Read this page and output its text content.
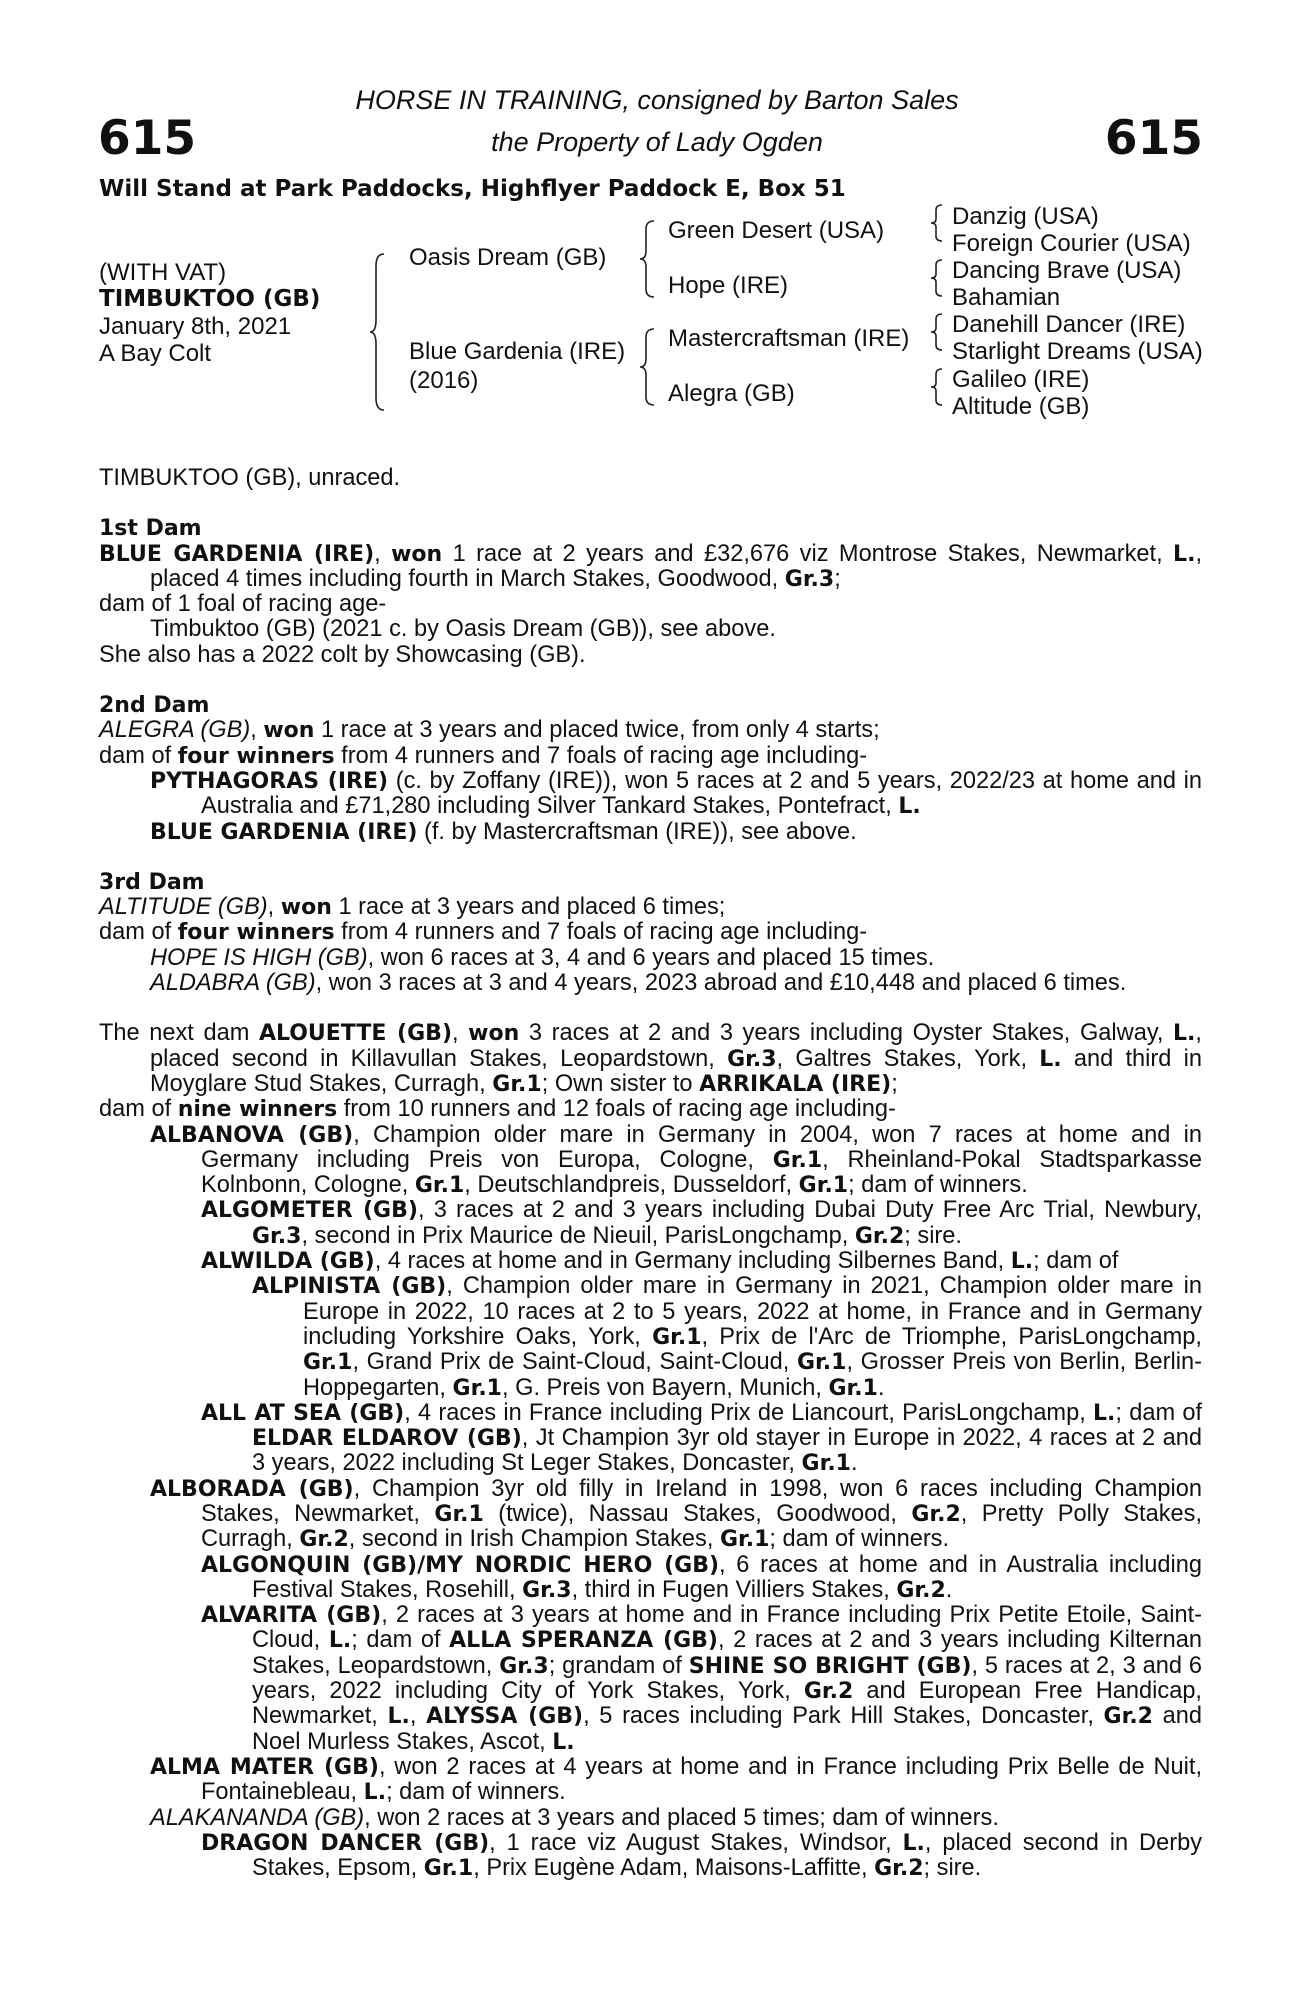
615	615
HORSE IN TRAINING, consigned by Barton Sales
the Property of Lady Ogden
Will Stand at Park Paddocks, Highflyer Paddock E, Box 51
(WITH VAT)
TIMBUKTOO (GB)
January 8th, 2021
A Bay Colt
Oasis Dream (GB)
Blue Gardenia (IRE)
(2016)
Green Desert (USA)
Hope (IRE)
Mastercraftsman (IRE)
Alegra (GB)
Danzig (USA)
Foreign Courier (USA)
Dancing Brave (USA)
Bahamian
Danehill Dancer (IRE)
Starlight Dreams (USA)
Galileo (IRE)
Altitude (GB)

TIMBUKTOO (GB), unraced.

1st Dam

BLUE GARDENIA (IRE), won 1 race at 2 years and £32,676 viz Montrose Stakes, Newmarket, L., placed 4 times including fourth in March Stakes, Goodwood, Gr.3;

dam of 1 foal of racing age-

Timbuktoo (GB) (2021 c. by Oasis Dream (GB)), see above.

She also has a 2022 colt by Showcasing (GB).

2nd Dam

ALEGRA (GB), won 1 race at 3 years and placed twice, from only 4 starts;

dam of four winners from 4 runners and 7 foals of racing age including-

PYTHAGORAS (IRE) (c. by Zoffany (IRE)), won 5 races at 2 and 5 years, 2022/23 at home and in Australia and £71,280 including Silver Tankard Stakes, Pontefract, L.

BLUE GARDENIA (IRE) (f. by Mastercraftsman (IRE)), see above.

3rd Dam

ALTITUDE (GB), won 1 race at 3 years and placed 6 times;

dam of four winners from 4 runners and 7 foals of racing age including-

HOPE IS HIGH (GB), won 6 races at 3, 4 and 6 years and placed 15 times.

ALDABRA (GB), won 3 races at 3 and 4 years, 2023 abroad and £10,448 and placed 6 times.

The next dam ALOUETTE (GB), won 3 races at 2 and 3 years including Oyster Stakes, Galway, L., placed second in Killavullan Stakes, Leopardstown, Gr.3, Galtres Stakes, York, L. and third in Moyglare Stud Stakes, Curragh, Gr.1; Own sister to ARRIKALA (IRE);

dam of nine winners from 10 runners and 12 foals of racing age including-

ALBANOVA (GB), Champion older mare in Germany in 2004, won 7 races at home and in Germany including Preis von Europa, Cologne, Gr.1, Rheinland-Pokal Stadtsparkasse Kolnbonn, Cologne, Gr.1, Deutschlandpreis, Dusseldorf, Gr.1; dam of winners.

ALGOMETER (GB), 3 races at 2 and 3 years including Dubai Duty Free Arc Trial, Newbury, Gr.3, second in Prix Maurice de Nieuil, ParisLongchamp, Gr.2; sire.

ALWILDA (GB), 4 races at home and in Germany including Silbernes Band, L.; dam of

ALPINISTA (GB), Champion older mare in Germany in 2021, Champion older mare in Europe in 2022, 10 races at 2 to 5 years, 2022 at home, in France and in Germany including Yorkshire Oaks, York, Gr.1, Prix de l'Arc de Triomphe, ParisLongchamp, Gr.1, Grand Prix de Saint-Cloud, Saint-Cloud, Gr.1, Grosser Preis von Berlin, Berlin-Hoppegarten, Gr.1, G. Preis von Bayern, Munich, Gr.1.

ALL AT SEA (GB), 4 races in France including Prix de Liancourt, ParisLongchamp, L.; dam of ELDAR ELDAROV (GB), Jt Champion 3yr old stayer in Europe in 2022, 4 races at 2 and 3 years, 2022 including St Leger Stakes, Doncaster, Gr.1.

ALBORADA (GB), Champion 3yr old filly in Ireland in 1998, won 6 races including Champion Stakes, Newmarket, Gr.1 (twice), Nassau Stakes, Goodwood, Gr.2, Pretty Polly Stakes, Curragh, Gr.2, second in Irish Champion Stakes, Gr.1; dam of winners.

ALGONQUIN (GB)/MY NORDIC HERO (GB), 6 races at home and in Australia including Festival Stakes, Rosehill, Gr.3, third in Fugen Villiers Stakes, Gr.2.

ALVARITA (GB), 2 races at 3 years at home and in France including Prix Petite Etoile, Saint-Cloud, L.; dam of ALLA SPERANZA (GB), 2 races at 2 and 3 years including Kilternan Stakes, Leopardstown, Gr.3; grandam of SHINE SO BRIGHT (GB), 5 races at 2, 3 and 6 years, 2022 including City of York Stakes, York, Gr.2 and European Free Handicap, Newmarket, L., ALYSSA (GB), 5 races including Park Hill Stakes, Doncaster, Gr.2 and Noel Murless Stakes, Ascot, L.

ALMA MATER (GB), won 2 races at 4 years at home and in France including Prix Belle de Nuit, Fontainebleau, L.; dam of winners.

ALAKANANDA (GB), won 2 races at 3 years and placed 5 times; dam of winners.

DRAGON DANCER (GB), 1 race viz August Stakes, Windsor, L., placed second in Derby Stakes, Epsom, Gr.1, Prix Eugène Adam, Maisons-Laffitte, Gr.2; sire.
